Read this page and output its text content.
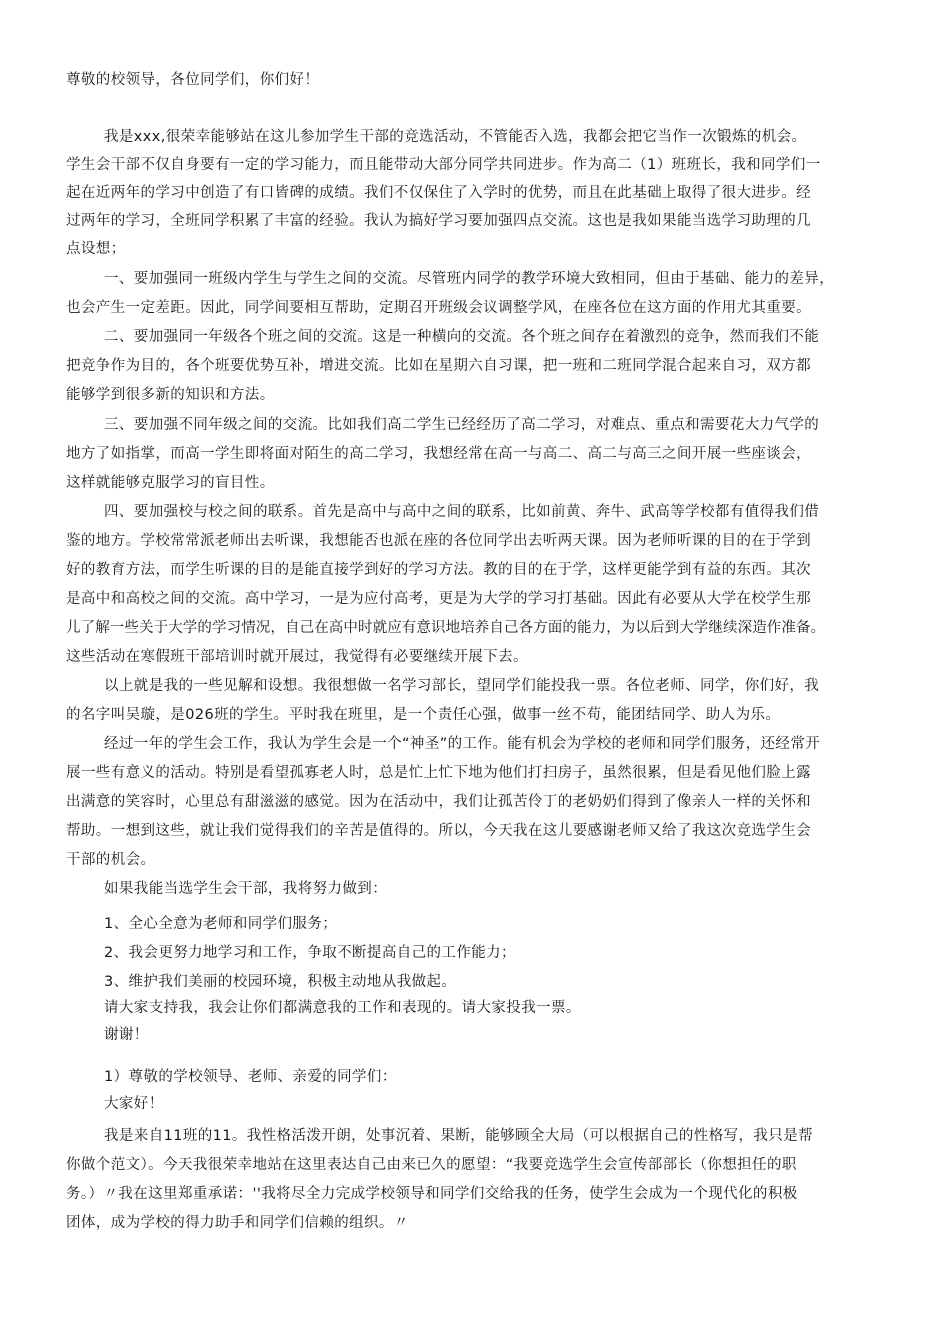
尊敬的校领导，各位同学们，你们好！
我是xxx,很荣幸能够站在这儿参加学生干部的竞选活动，不管能否入选，我都会把它当作一次锻炼的机会。
学生会干部不仅自身要有一定的学习能力，而且能带动大部分同学共同进步。作为高二（1）班班长，我和同学们一
起在近两年的学习中创造了有口皆碑的成绩。我们不仅保住了入学时的优势，而且在此基础上取得了很大进步。经
过两年的学习，全班同学积累了丰富的经验。我认为搞好学习要加强四点交流。这也是我如果能当选学习助理的几
点设想；
一、要加强同一班级内学生与学生之间的交流。尽管班内同学的教学环境大致相同，但由于基础、能力的差异，
也会产生一定差距。因此，同学间要相互帮助，定期召开班级会议调整学风，在座各位在这方面的作用尤其重要。
二、要加强同一年级各个班之间的交流。这是一种横向的交流。各个班之间存在着激烈的竞争，然而我们不能
把竞争作为目的，各个班要优势互补，增进交流。比如在星期六自习课，把一班和二班同学混合起来自习，双方都
能够学到很多新的知识和方法。
三、要加强不同年级之间的交流。比如我们高二学生已经经历了高二学习，对难点、重点和需要花大力气学的
地方了如指掌，而高一学生即将面对陌生的高二学习，我想经常在高一与高二、高二与高三之间开展一些座谈会，
这样就能够克服学习的盲目性。
四、要加强校与校之间的联系。首先是高中与高中之间的联系，比如前黄、奔牛、武高等学校都有值得我们借
鉴的地方。学校常常派老师出去听课，我想能否也派在座的各位同学出去听两天课。因为老师听课的目的在于学到
好的教育方法，而学生听课的目的是能直接学到好的学习方法。教的目的在于学，这样更能学到有益的东西。其次
是高中和高校之间的交流。高中学习，一是为应付高考，更是为大学的学习打基础。因此有必要从大学在校学生那
儿了解一些关于大学的学习情况，自己在高中时就应有意识地培养自己各方面的能力，为以后到大学继续深造作准备。
这些活动在寒假班干部培训时就开展过，我觉得有必要继续开展下去。
以上就是我的一些见解和设想。我很想做一名学习部长，望同学们能投我一票。各位老师、同学，你们好，我
的名字叫吴璇，是026班的学生。平时我在班里，是一个责任心强，做事一丝不苟，能团结同学、助人为乐。
经过一年的学生会工作，我认为学生会是一个“神圣”的工作。能有机会为学校的老师和同学们服务，还经常开
展一些有意义的活动。特别是看望孤寡老人时，总是忙上忙下地为他们打扫房子，虽然很累，但是看见他们脸上露
出满意的笑容时，心里总有甜滋滋的感觉。因为在活动中，我们让孤苦伶丁的老奶奶们得到了像亲人一样的关怀和
帮助。一想到这些，就让我们觉得我们的辛苦是值得的。所以，今天我在这儿要感谢老师又给了我这次竞选学生会
干部的机会。
如果我能当选学生会干部，我将努力做到：
1、全心全意为老师和同学们服务；
2、我会更努力地学习和工作，争取不断提高自己的工作能力；
3、维护我们美丽的校园环境，积极主动地从我做起。
请大家支持我，我会让你们都满意我的工作和表现的。请大家投我一票。
谢谢！
1）尊敬的学校领导、老师、亲爱的同学们：
大家好！
我是来自11班的11。我性格活泼开朗，处事沉着、果断，能够顾全大局（可以根据自己的性格写，我只是帮
你做个范文）。今天我很荣幸地站在这里表达自己由来已久的愿望：“我要竞选学生会宣传部部长（你想担任的职
务。）〃我在这里郑重承诺：''我将尽全力完成学校领导和同学们交给我的任务，使学生会成为一个现代化的积极
团体，成为学校的得力助手和同学们信赖的组织。〃
